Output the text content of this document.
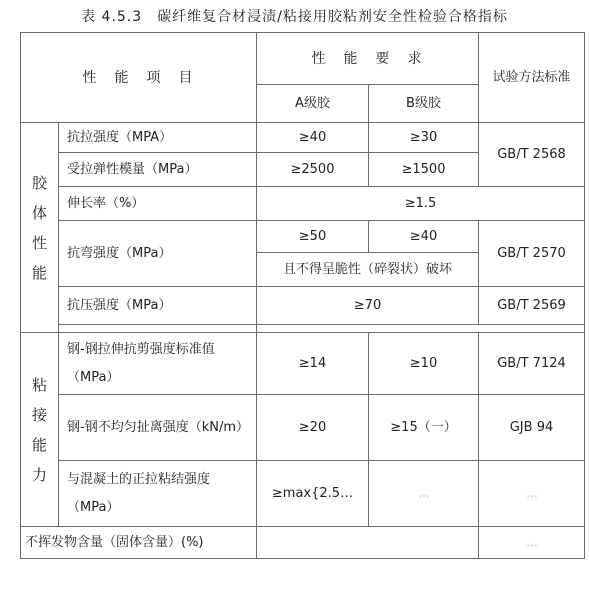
表 4.5.3　碳纤维复合材浸渍/粘接用胶粘剂安全性检验合格指标
性　能　项　目		性　能　要　求		试验方法标准
		A级胶	B级胶	
胶体性能	抗拉强度（MPA）	≥40	≥30	GB/T 2568
	受拉弹性模量（MPa）	≥2500	≥1500	
	伸长率（%）	≥1.5		
	抗弯强度（MPa）	≥50	≥40	GB/T 2570
		且不得呈脆性（碎裂状）破坏		
	抗压强度（MPa）	≥70		GB/T 2569

粘接能力	钢-钢拉伸抗剪强度标准值（MPa）	≥14	≥10	GB/T 7124
	钢-钢不均匀扯离强度（kN/m）	≥20	≥15（一）	GJB 94
	与混凝土的正拉粘结强度（MPa）	≥max{2.5…	…	…
不挥发物含量（固体含量）(%)				…
